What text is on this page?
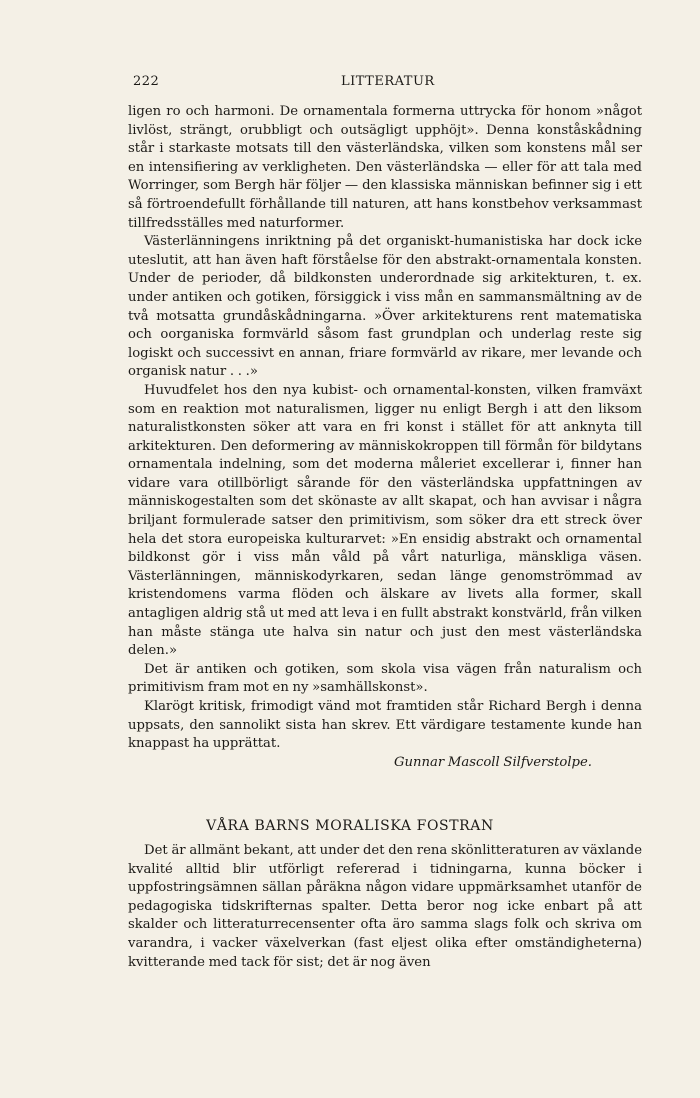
222	LITTERATUR

ligen ro och harmoni. De ornamentala formerna uttrycka för honom »något livlöst, strängt, orubbligt och outsägligt upphöjt». Denna konståskådning står i starkaste motsats till den västerländska, vilken som konstens mål ser en intensifiering av verkligheten. Den västerländska — eller för att tala med Worringer, som Bergh här följer — den klassiska människan befinner sig i ett så förtroendefullt förhållande till naturen, att hans konstbehov verksammast tillfredsställes med naturformer.

Västerlänningens inriktning på det organiskt-humanistiska har dock icke uteslutit, att han även haft förståelse för den abstrakt-ornamentala konsten. Under de perioder, då bildkonsten underordnade sig arkitekturen, t. ex. under antiken och gotiken, försiggick i viss mån en sammansmältning av de två motsatta grundåskådningarna. »Över arkitekturens rent matematiska och oorganiska formvärld såsom fast grundplan och underlag reste sig logiskt och successivt en annan, friare formvärld av rikare, mer levande och organisk natur . . .»

Huvudfelet hos den nya kubist- och ornamental-konsten, vilken framväxt som en reaktion mot naturalismen, ligger nu enligt Bergh i att den liksom naturalistkonsten söker att vara en fri konst i stället för att anknyta till arkitekturen. Den deformering av människokroppen till förmån för bildytans ornamentala indelning, som det moderna måleriet excellerar i, finner han vidare vara otillbörligt sårande för den västerländska uppfattningen av människogestalten som det skönaste av allt skapat, och han avvisar i några briljant formulerade satser den primitivism, som söker dra ett streck över hela det stora europeiska kulturarvet: »En ensidig abstrakt och ornamental bildkonst gör i viss mån våld på vårt naturliga, mänskliga väsen. Västerlänningen, människodyrkaren, sedan länge genomströmmad av kristendomens varma flöden och älskare av livets alla former, skall antagligen aldrig stå ut med att leva i en fullt abstrakt konstvärld, från vilken han måste stänga ute halva sin natur och just den mest västerländska delen.»

Det är antiken och gotiken, som skola visa vägen från naturalism och primitivism fram mot en ny »samhällskonst».

Klarögt kritisk, frimodigt vänd mot framtiden står Richard Bergh i denna uppsats, den sannolikt sista han skrev. Ett värdigare testamente kunde han knappast ha upprättat.

Gunnar Mascoll Silfverstolpe.

VÅRA BARNS MORALISKA FOSTRAN

Det är allmänt bekant, att under det den rena skönlitteraturen av växlande kvalité alltid blir utförligt refererad i tidningarna, kunna böcker i uppfostringsämnen sällan påräkna någon vidare uppmärksamhet utanför de pedagogiska tidskrifternas spalter. Detta beror nog icke enbart på att skalder och litteraturrecensenter ofta äro samma slags folk och skriva om varandra, i vacker växelverkan (fast eljest olika efter omständigheterna) kvitterande med tack för sist; det är nog även
